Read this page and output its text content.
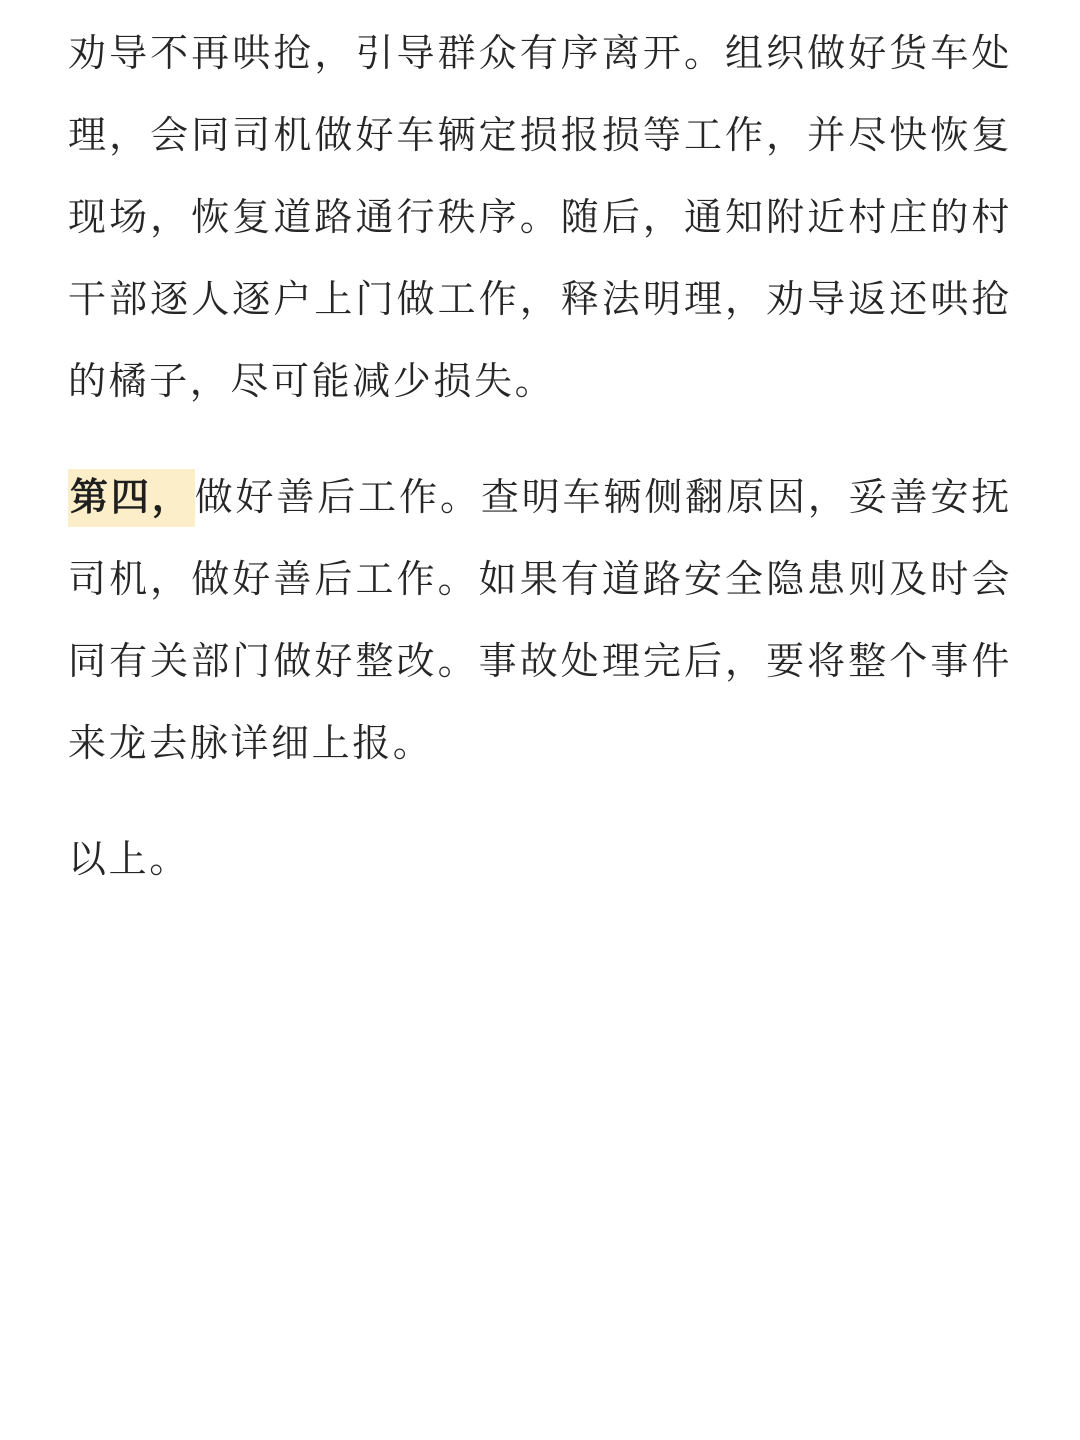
劝导不再哄抢，引导群众有序离开。组织做好货车处理，会同司机做好车辆定损报损等工作，并尽快恢复现场，恢复道路通行秩序。随后，通知附近村庄的村干部逐人逐户上门做工作，释法明理，劝导返还哄抢的橘子，尽可能减少损失。

第四，做好善后工作。查明车辆侧翻原因，妥善安抚司机，做好善后工作。如果有道路安全隐患则及时会同有关部门做好整改。事故处理完后，要将整个事件来龙去脉详细上报。

以上。
